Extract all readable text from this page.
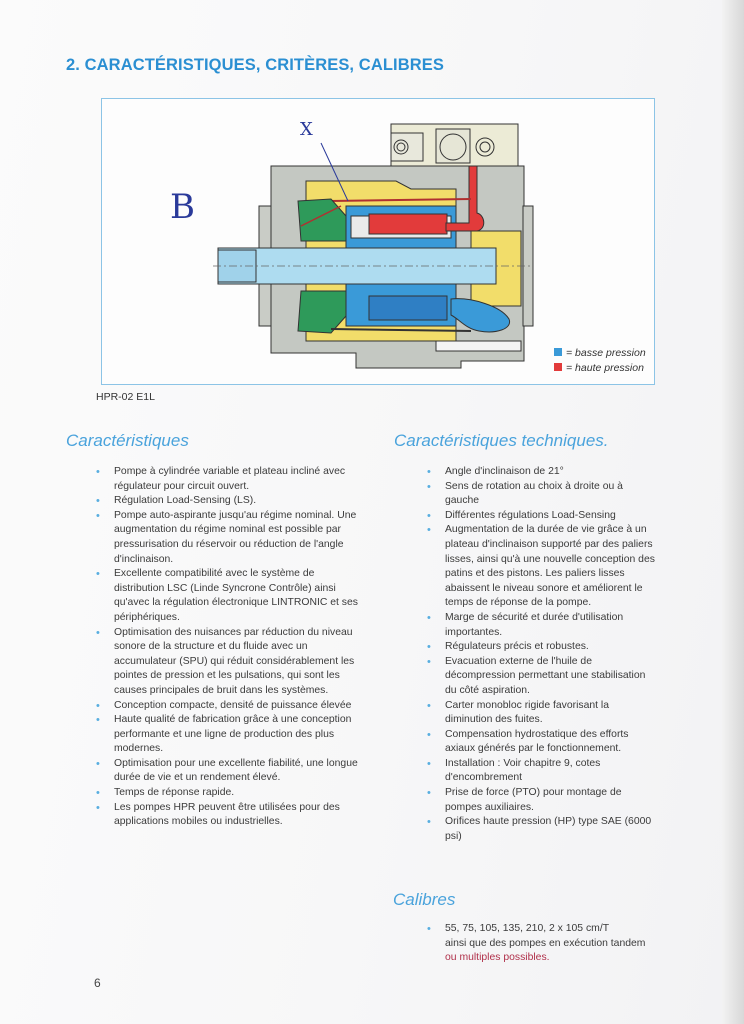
2. CARACTÉRISTIQUES, CRITÈRES, CALIBRES
B
X
= basse pression
= haute pression
HPR-02 E1L
Caractéristiques
• Pompe à cylindrée variable et plateau incliné avec régulateur pour circuit ouvert.
• Régulation Load-Sensing (LS).
• Pompe auto-aspirante jusqu'au régime nominal. Une augmentation du régime nominal est possible par pressurisation du réservoir ou réduction de l'angle d'inclinaison.
• Excellente compatibilité avec le système de distribution LSC (Linde Syncrone Contrôle) ainsi qu'avec la régulation électronique LINTRONIC et ses périphériques.
• Optimisation des nuisances par réduction du niveau sonore de la structure et du fluide avec un accumulateur (SPU) qui réduit considérablement les pointes de pression et les pulsations, qui sont les causes principales de bruit dans les systèmes.
• Conception compacte, densité de puissance élevée
• Haute qualité de fabrication grâce à une conception performante et une ligne de production des plus modernes.
• Optimisation pour une excellente fiabilité, une longue durée de vie et un rendement élevé.
• Temps de réponse rapide.
• Les pompes HPR peuvent être utilisées pour des applications mobiles ou industrielles.
Caractéristiques techniques.
• Angle d'inclinaison de 21°
• Sens de rotation au choix à droite ou à gauche
• Différentes régulations Load-Sensing
• Augmentation de la durée de vie grâce à un plateau d'inclinaison supporté par des paliers lisses, ainsi qu'à une nouvelle conception des patins et des pistons. Les paliers lisses abaissent le niveau sonore et améliorent le temps de réponse de la pompe.
• Marge de sécurité et durée d'utilisation importantes.
• Régulateurs précis et robustes.
• Evacuation externe de l'huile de décompression permettant une stabilisation du côté aspiration.
• Carter monobloc rigide favorisant la diminution des fuites.
• Compensation hydrostatique des efforts axiaux générés par le fonctionnement.
• Installation : Voir chapitre 9, cotes d'encombrement
• Prise de force (PTO) pour montage de pompes auxiliaires.
• Orifices haute pression (HP) type SAE (6000 psi)
Calibres
• 55, 75, 105, 135, 210, 2 x 105 cm/T
ainsi que des pompes en exécution tandem
ou multiples possibles.
6
